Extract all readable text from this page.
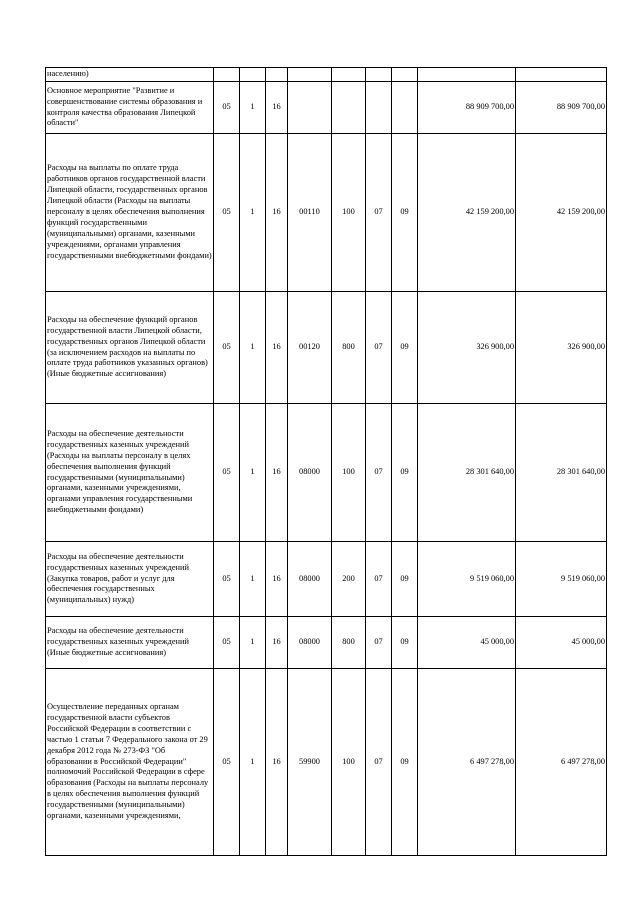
населению)									
Основное мероприятие "Развитие и совершенствование системы образования и контроля качества образования Липецкой области"	05	1	16					88 909 700,00	88 909 700,00
Расходы на выплаты по оплате труда работников органов государственной власти Липецкой области, государственных органов Липецкой области (Расходы на выплаты персоналу в целях обеспечения выполнения функций государственными (муниципальными) органами, казенными учреждениями, органами управления государственными внебюджетными фондами)	05	1	16	00110	100	07	09	42 159 200,00	42 159 200,00
Расходы на обеспечение функций органов государственной власти Липецкой области, государственных органов Липецкой области (за исключением расходов на выплаты по оплате труда работников указанных органов) (Иные бюджетные ассигнования)	05	1	16	00120	800	07	09	326 900,00	326 900,00
Расходы на обеспечение деятельности государственных казенных учреждений (Расходы на выплаты персоналу в целях обеспечения выполнения функций государственными (муниципальными) органами, казенными учреждениями, органами управления государственными внебюджетными фондами)	05	1	16	08000	100	07	09	28 301 640,00	28 301 640,00
Расходы на обеспечение деятельности государственных казенных учреждений (Закупка товаров, работ и услуг для обеспечения государственных (муниципальных) нужд)	05	1	16	08000	200	07	09	9 519 060,00	9 519 060,00
Расходы на обеспечение деятельности государственных казенных учреждений (Иные бюджетные ассигнования)	05	1	16	08000	800	07	09	45 000,00	45 000,00
Осуществление переданных органам государственной власти субъектов Российской Федерации в соответствии с частью 1 статьи 7 Федерального закона от 29 декабря 2012 года № 273-ФЗ "Об образовании в Российской Федерации" полномочий Российской Федерации в сфере образования (Расходы на выплаты персоналу в целях обеспечения выполнения функций государственными (муниципальными) органами, казенными учреждениями,	05	1	16	59900	100	07	09	6 497 278,00	6 497 278,00
